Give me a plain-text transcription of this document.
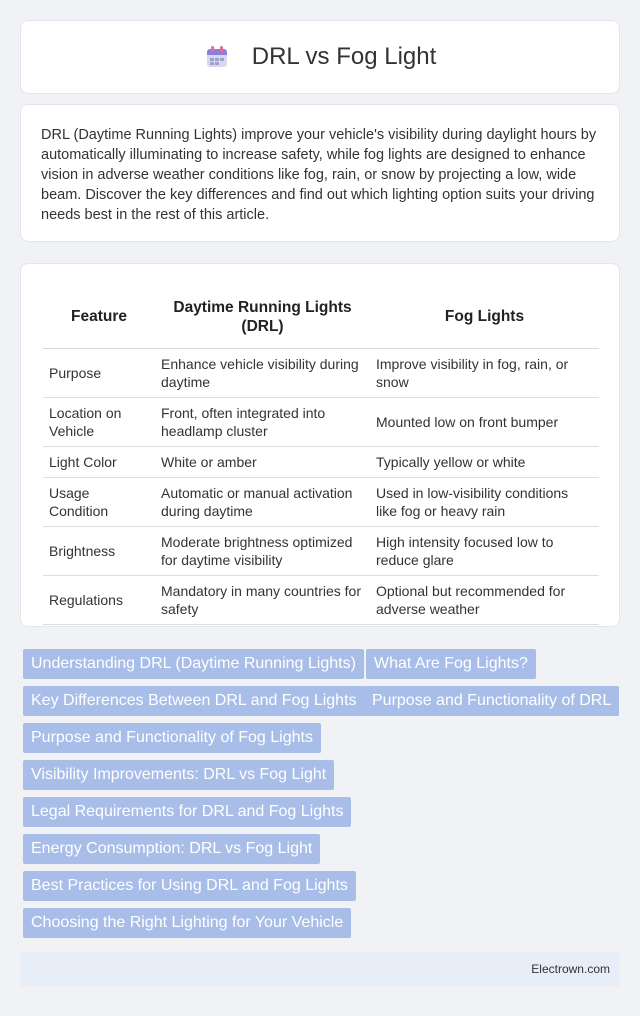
DRL vs Fog Light

DRL (Daytime Running Lights) improve your vehicle's visibility during daylight hours by automatically illuminating to increase safety, while fog lights are designed to enhance vision in adverse weather conditions like fog, rain, or snow by projecting a low, wide beam. Discover the key differences and find out which lighting option suits your driving needs best in the rest of this article.

Feature	Daytime Running Lights (DRL)	Fog Lights
Purpose	Enhance vehicle visibility during daytime	Improve visibility in fog, rain, or snow
Location on Vehicle	Front, often integrated into headlamp cluster	Mounted low on front bumper
Light Color	White or amber	Typically yellow or white
Usage Condition	Automatic or manual activation during daytime	Used in low-visibility conditions like fog or heavy rain
Brightness	Moderate brightness optimized for daytime visibility	High intensity focused low to reduce glare
Regulations	Mandatory in many countries for safety	Optional but recommended for adverse weather
Understanding DRL (Daytime Running Lights)	What Are Fog Lights?
Key Differences Between DRL and Fog Lights Purpose and Functionality of DRL
Purpose and Functionality of Fog Lights
Visibility Improvements: DRL vs Fog Light
Legal Requirements for DRL and Fog Lights
Energy Consumption: DRL vs Fog Light
Best Practices for Using DRL and Fog Lights
Choosing the Right Lighting for Your Vehicle
Electrown.com
